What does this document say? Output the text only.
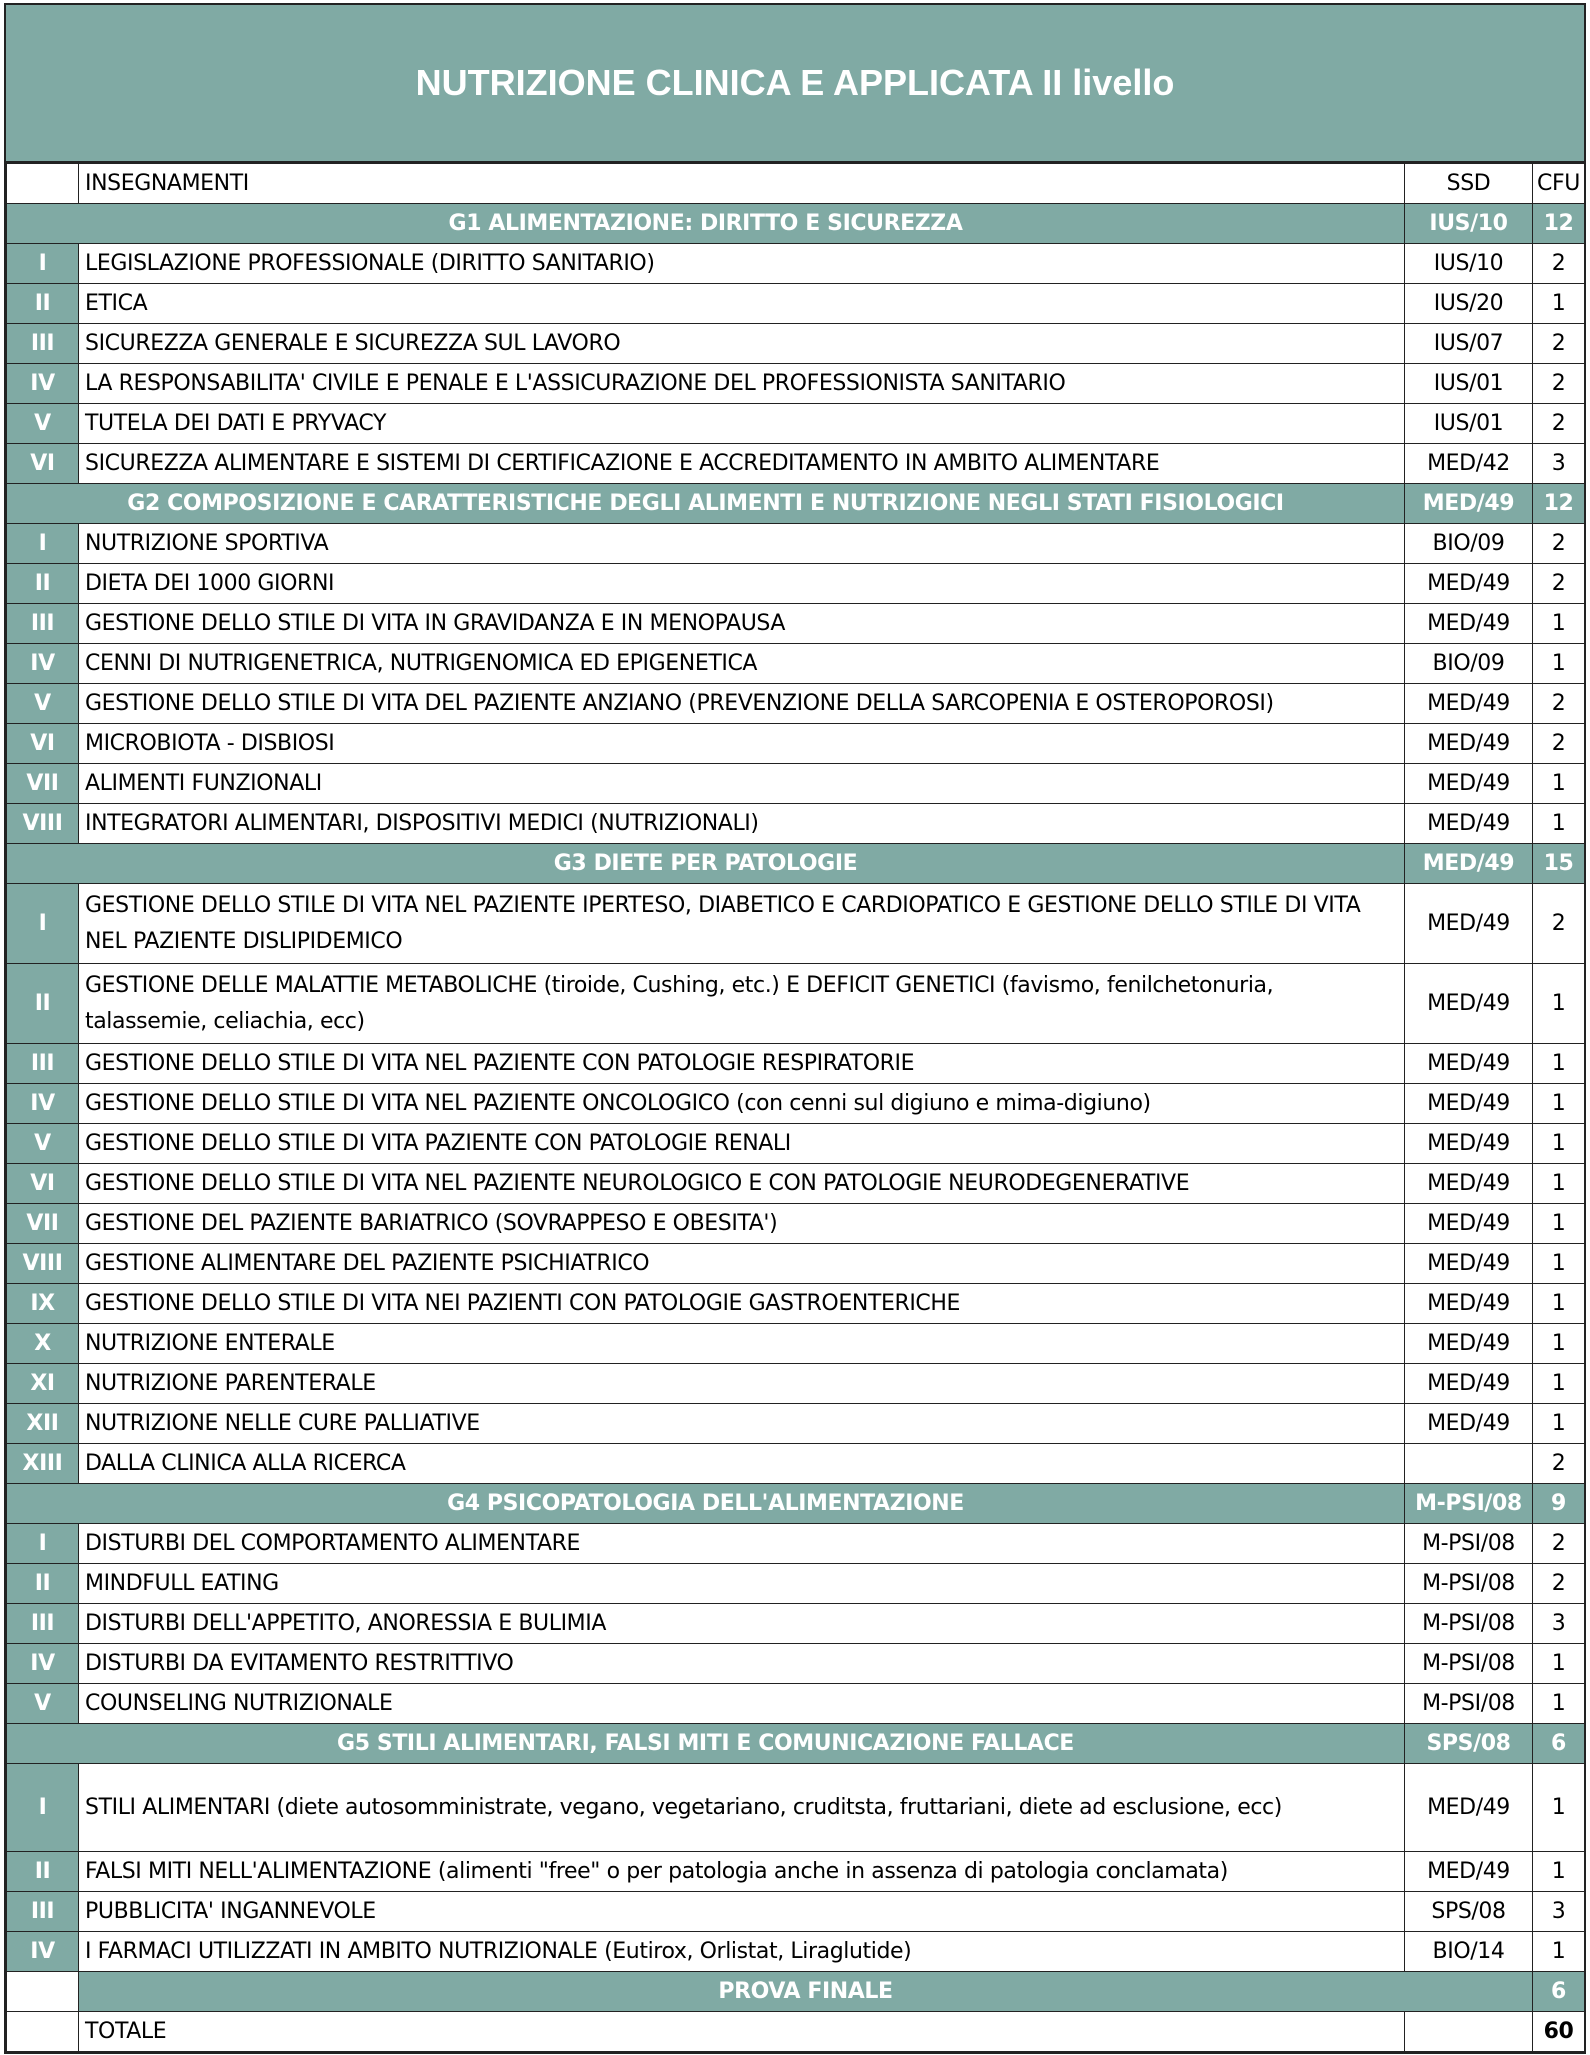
NUTRIZIONE CLINICA E APPLICATA II livello
	INSEGNAMENTI	SSD	CFU
G1 ALIMENTAZIONE: DIRITTO E SICUREZZA		IUS/10	12
I	LEGISLAZIONE PROFESSIONALE (DIRITTO SANITARIO)	IUS/10	2
II	ETICA	IUS/20	1
III	SICUREZZA GENERALE E SICUREZZA SUL LAVORO	IUS/07	2
IV	LA RESPONSABILITA' CIVILE E PENALE E L'ASSICURAZIONE DEL PROFESSIONISTA SANITARIO	IUS/01	2
V	TUTELA DEI DATI E PRYVACY	IUS/01	2
VI	SICUREZZA ALIMENTARE E SISTEMI DI CERTIFICAZIONE E ACCREDITAMENTO IN AMBITO ALIMENTARE	MED/42	3
G2 COMPOSIZIONE E CARATTERISTICHE DEGLI ALIMENTI E NUTRIZIONE NEGLI STATI FISIOLOGICI		MED/49	12
I	NUTRIZIONE SPORTIVA	BIO/09	2
II	DIETA DEI 1000 GIORNI	MED/49	2
III	GESTIONE DELLO STILE DI VITA IN GRAVIDANZA E IN MENOPAUSA	MED/49	1
IV	CENNI DI NUTRIGENETRICA, NUTRIGENOMICA ED EPIGENETICA	BIO/09	1
V	GESTIONE DELLO STILE DI VITA DEL PAZIENTE ANZIANO (PREVENZIONE DELLA SARCOPENIA E OSTEROPOROSI)	MED/49	2
VI	MICROBIOTA - DISBIOSI	MED/49	2
VII	ALIMENTI FUNZIONALI	MED/49	1
VIII	INTEGRATORI ALIMENTARI, DISPOSITIVI MEDICI (NUTRIZIONALI)	MED/49	1
G3 DIETE PER PATOLOGIE		MED/49	15
I	GESTIONE DELLO STILE DI VITA NEL PAZIENTE IPERTESO, DIABETICO E CARDIOPATICO E GESTIONE DELLO STILE DI VITA NEL PAZIENTE DISLIPIDEMICO	MED/49	2
II	GESTIONE DELLE MALATTIE METABOLICHE (tiroide, Cushing, etc.) E DEFICIT GENETICI (favismo, fenilchetonuria, talassemie, celiachia, ecc)	MED/49	1
III	GESTIONE DELLO STILE DI VITA NEL PAZIENTE CON PATOLOGIE RESPIRATORIE	MED/49	1
IV	GESTIONE DELLO STILE DI VITA NEL PAZIENTE ONCOLOGICO (con cenni sul digiuno e mima-digiuno)	MED/49	1
V	GESTIONE DELLO STILE DI VITA PAZIENTE CON PATOLOGIE RENALI	MED/49	1
VI	GESTIONE DELLO STILE DI VITA NEL PAZIENTE NEUROLOGICO E CON PATOLOGIE NEURODEGENERATIVE	MED/49	1
VII	GESTIONE DEL PAZIENTE BARIATRICO (SOVRAPPESO E OBESITA')	MED/49	1
VIII	GESTIONE ALIMENTARE DEL PAZIENTE PSICHIATRICO	MED/49	1
IX	GESTIONE DELLO STILE DI VITA NEI PAZIENTI CON PATOLOGIE GASTROENTERICHE	MED/49	1
X	NUTRIZIONE ENTERALE	MED/49	1
XI	NUTRIZIONE PARENTERALE	MED/49	1
XII	NUTRIZIONE NELLE CURE PALLIATIVE	MED/49	1
XIII	DALLA CLINICA ALLA RICERCA		2
G4 PSICOPATOLOGIA DELL'ALIMENTAZIONE		M-PSI/08	9
I	DISTURBI DEL COMPORTAMENTO ALIMENTARE	M-PSI/08	2
II	MINDFULL EATING	M-PSI/08	2
III	DISTURBI DELL'APPETITO, ANORESSIA E BULIMIA	M-PSI/08	3
IV	DISTURBI DA EVITAMENTO RESTRITTIVO	M-PSI/08	1
V	COUNSELING NUTRIZIONALE	M-PSI/08	1
G5 STILI ALIMENTARI, FALSI MITI E COMUNICAZIONE FALLACE		SPS/08	6
I	STILI ALIMENTARI (diete autosomministrate, vegano, vegetariano, cruditsta, fruttariani, diete ad esclusione, ecc)	MED/49	1
II	FALSI MITI NELL'ALIMENTAZIONE (alimenti "free" o per patologia anche in assenza di patologia conclamata)	MED/49	1
III	PUBBLICITA' INGANNEVOLE	SPS/08	3
IV	I FARMACI UTILIZZATI IN AMBITO NUTRIZIONALE (Eutirox, Orlistat, Liraglutide)	BIO/14	1
	PROVA FINALE		6
	TOTALE		60
